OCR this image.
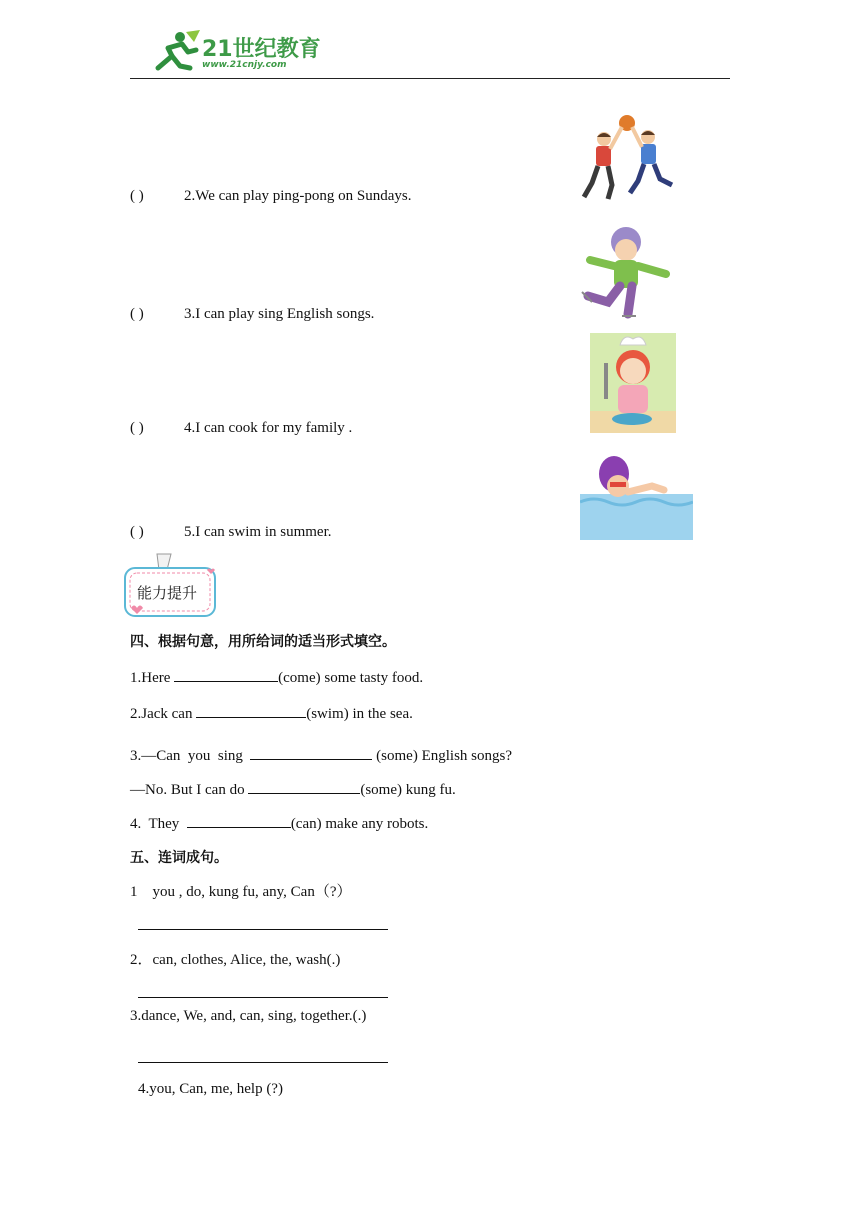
21世纪教育
www.21cnjy.com
( )	2.We can play ping-pong on Sundays.
( )	3.I can play sing English songs.
( )	4.I can cook for my family .
( )	5.I can swim in summer.
能力提升
四、根据句意，用所给词的适当形式填空。
1.Here	(come) some tasty food.
2.Jack can	(swim) in the sea.
3.—Can  you  sing	(some) English songs?
—No. But I can do	(some) kung fu.
4.  They	(can) make any robots.
五、连词成句。
1    you , do, kung fu, any, Can（?）
2．can, clothes, Alice, the, wash(.)
3.dance, We, and, can, sing, together.(.)
4.you, Can, me, help (?)
